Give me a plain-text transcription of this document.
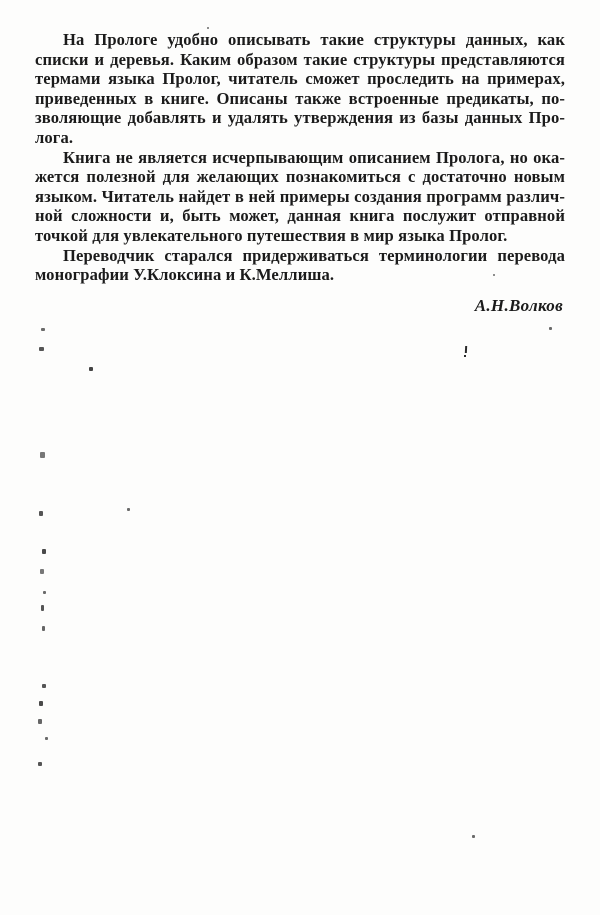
На Прологе удобно описывать такие структуры данных, как
списки и деревья. Каким образом такие структуры представляются
термами языка Пролог, читатель сможет проследить на примерах,
приведенных в книге. Описаны также встроенные предикаты, по-
зволяющие добавлять и удалять утверждения из базы данных Про-
лога.
Книга не является исчерпывающим описанием Пролога, но ока-
жется полезной для желающих познакомиться с достаточно новым
языком. Читатель найдет в ней примеры создания программ различ-
ной сложности и, быть может, данная книга послужит отправной
точкой для увлекательного путешествия в мир языка Пролог.
Переводчик старался придерживаться терминологии перевода
монографии У.Клоксина и К.Меллиша.
А.Н.Волков
